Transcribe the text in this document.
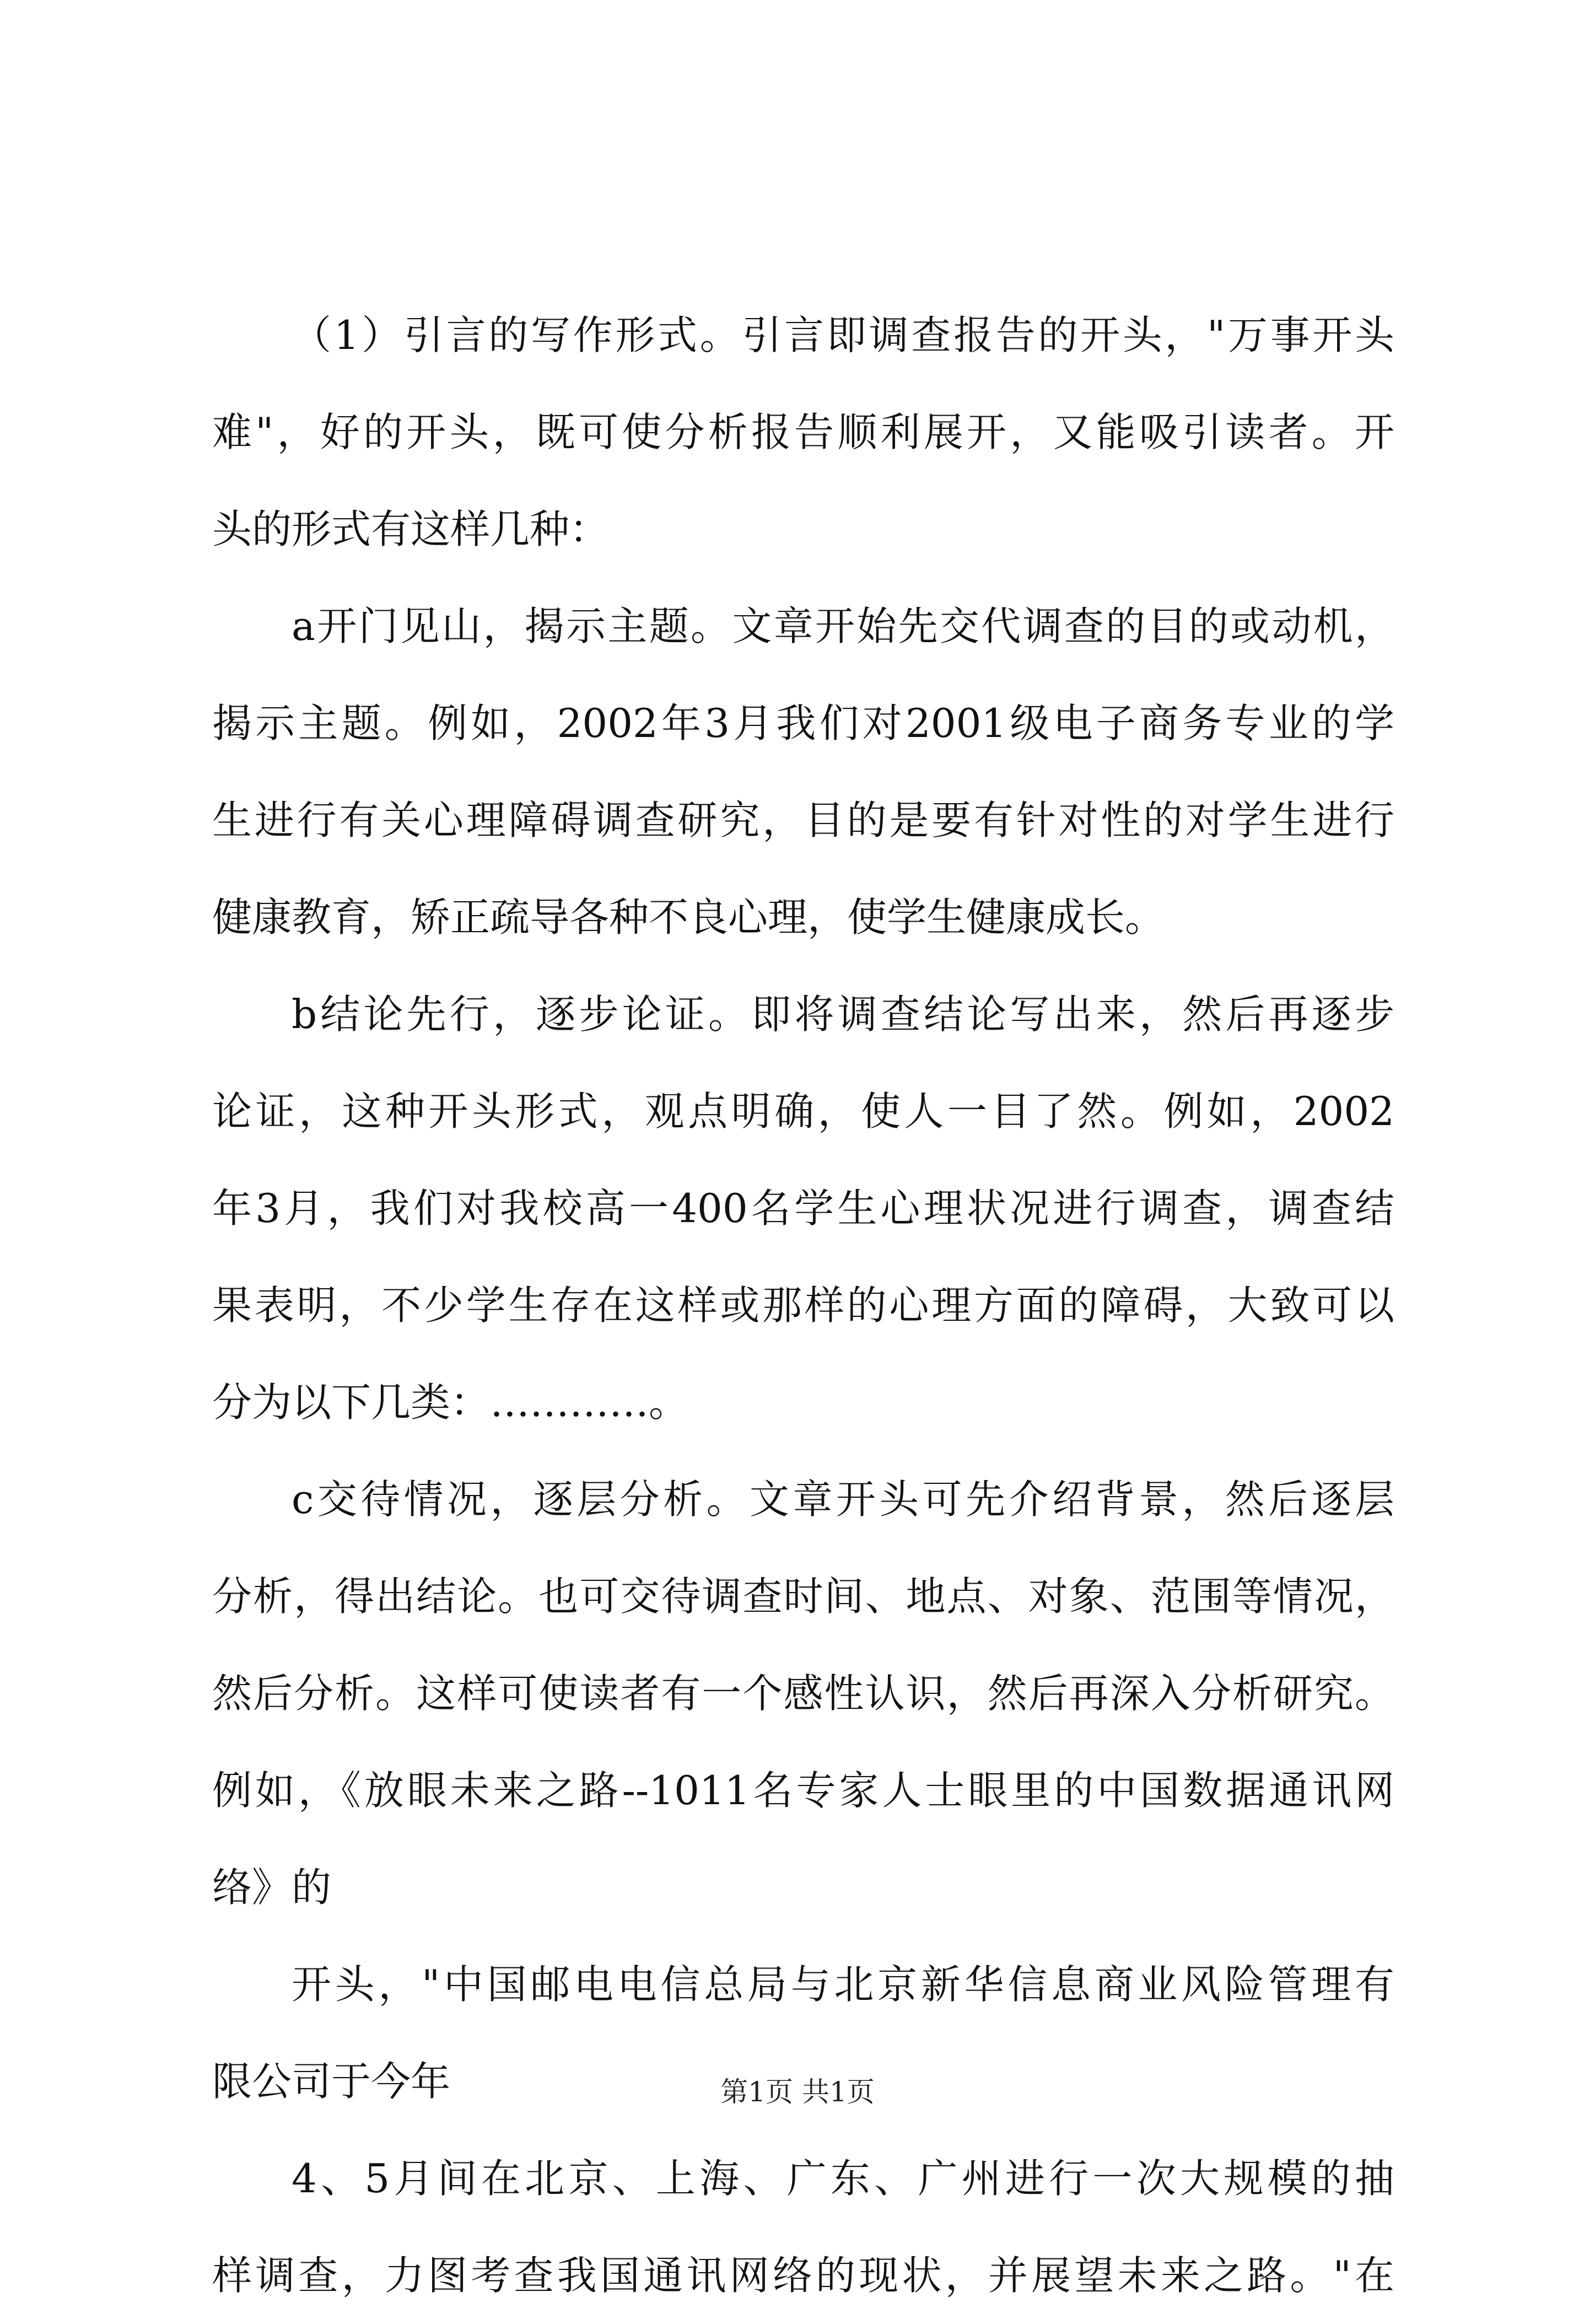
（1）引言的写作形式。引言即调查报告的开头，"万事开头
难"，好的开头，既可使分析报告顺利展开，又能吸引读者。开
头的形式有这样几种：
a开门见山，揭示主题。文章开始先交代调查的目的或动机，
揭示主题。例如，2002年3月我们对2001级电子商务专业的学
生进行有关心理障碍调查研究，目的是要有针对性的对学生进行
健康教育，矫正疏导各种不良心理，使学生健康成长。
b结论先行，逐步论证。即将调查结论写出来，然后再逐步
论证，这种开头形式，观点明确，使人一目了然。例如，2002
年3月，我们对我校高一400名学生心理状况进行调查，调查结
果表明，不少学生存在这样或那样的心理方面的障碍，大致可以
分为以下几类：…………。
c交待情况，逐层分析。文章开头可先介绍背景，然后逐层
分析，得出结论。也可交待调查时间、地点、对象、范围等情况，
然后分析。这样可使读者有一个感性认识，然后再深入分析研究。
例如，《放眼未来之路--1011名专家人士眼里的中国数据通讯网
络》的
开头，"中国邮电电信总局与北京新华信息商业风险管理有
限公司于今年
4、5月间在北京、上海、广东、广州进行一次大规模的抽
样调查，力图考查我国通讯网络的现状，并展望未来之路。"在
第1页 共1页
